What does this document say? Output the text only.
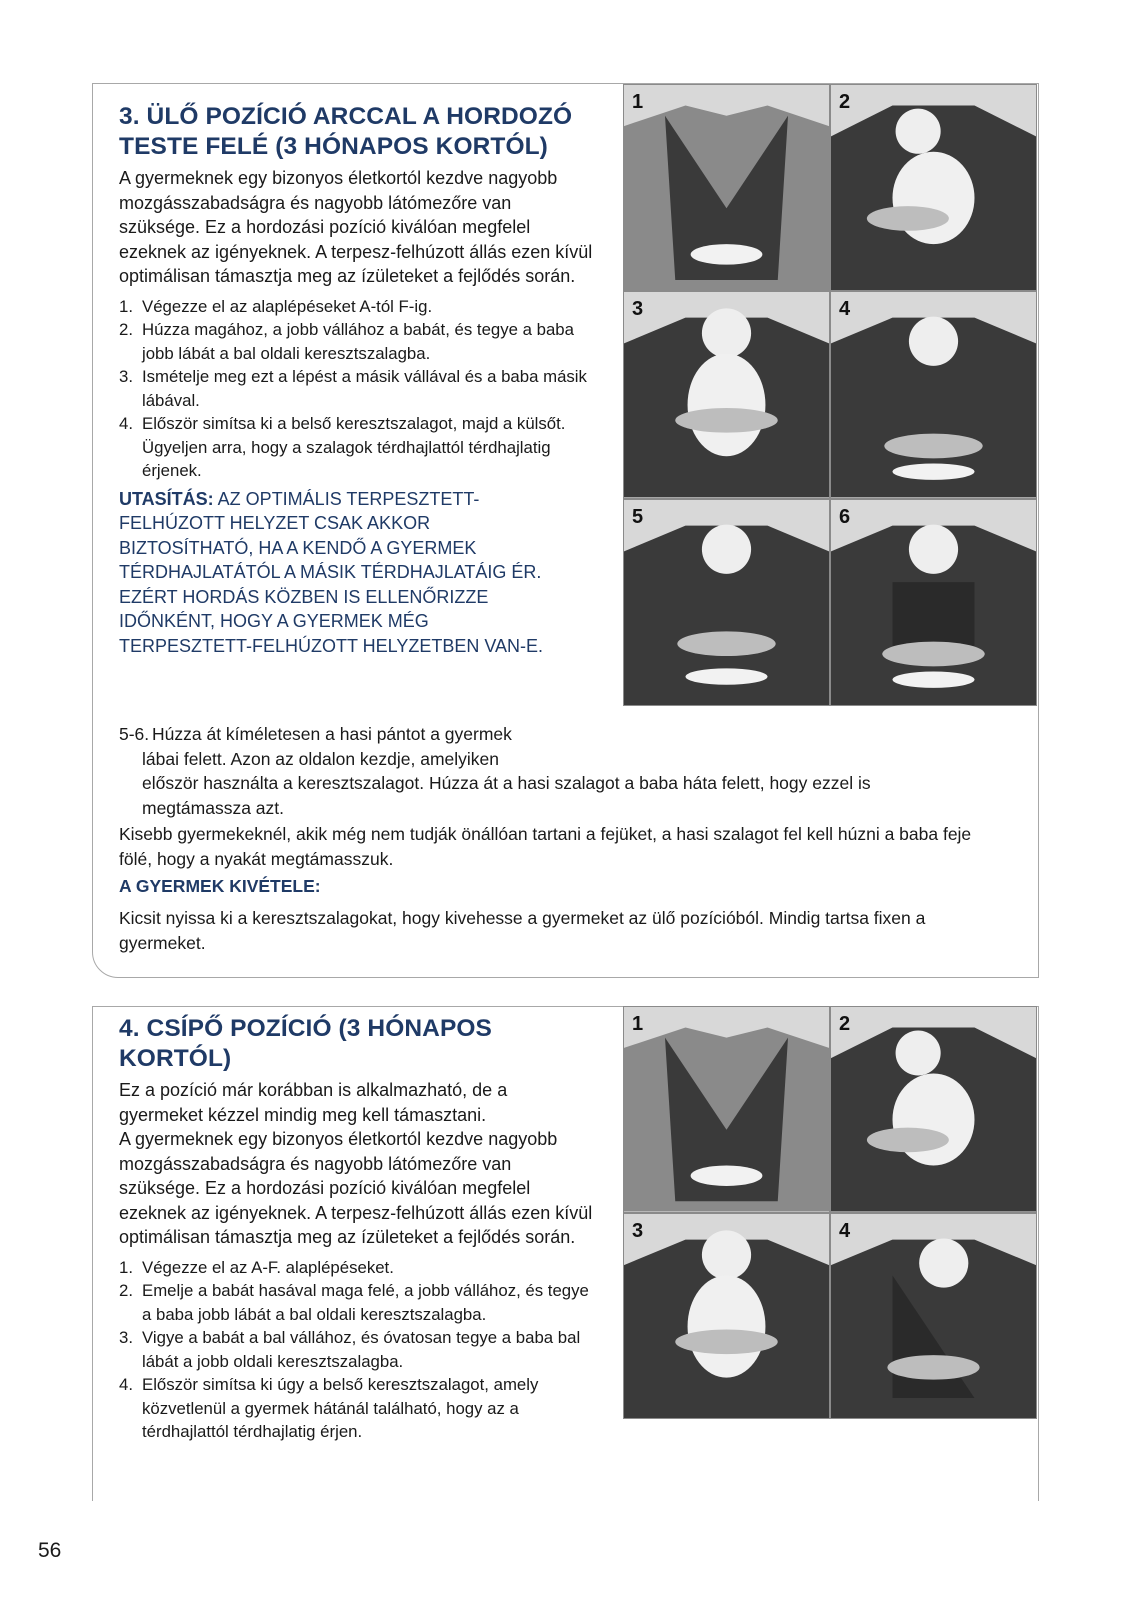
3. ÜLŐ POZÍCIÓ ARCCAL A HORDOZÓ
TESTE FELÉ (3 HÓNAPOS KORTÓL)

A gyermeknek egy bizonyos életkortól kezdve nagyobb mozgásszabadságra és nagyobb látómezőre van szüksége. Ez a hordozási pozíció kiválóan megfelel ezeknek az igényeknek. A terpesz-felhúzott állás ezen kívül optimálisan támasztja meg az ízületeket a fejlődés során.

1. Végezze el az alaplépéseket A-tól F-ig.
2. Húzza magához, a jobb vállához a babát, és tegye a baba jobb lábát a bal oldali keresztszalagba.
3. Ismételje meg ezt a lépést a másik vállával és a baba másik lábával.
4. Először simítsa ki a belső keresztszalagot, majd a külsőt. Ügyeljen arra, hogy a szalagok térdhajlattól térdhajlatig érjenek.

UTASÍTÁS: AZ OPTIMÁLIS TERPESZTETT-FELHÚZOTT HELYZET CSAK AKKOR BIZTOSÍTHATÓ, HA A KENDŐ A GYERMEK TÉRDHAJLATÁTÓL A MÁSIK TÉRDHAJLATÁIG ÉR. EZÉRT HORDÁS KÖZBEN IS ELLENŐRIZZE IDŐNKÉNT, HOGY A GYERMEK MÉG TERPESZTETT-FELHÚZOTT HELYZETBEN VAN-E.

5-6. Húzza át kíméletesen a hasi pántot a gyermek
lábai felett. Azon az oldalon kezdje, amelyiken
először használta a keresztszalagot. Húzza át a hasi szalagot a baba háta felett, hogy ezzel is
megtámassza azt.

Kisebb gyermekeknél, akik még nem tudják önállóan tartani a fejüket, a hasi szalagot fel kell húzni a baba feje fölé, hogy a nyakát megtámasszuk.

A GYERMEK KIVÉTELE:

Kicsit nyissa ki a keresztszalagokat, hogy kivehesse a gyermeket az ülő pozícióból. Mindig tartsa fixen a gyermeket.

1	2
3	4
5	6
4. CSÍPŐ POZÍCIÓ (3 HÓNAPOS
KORTÓL)

Ez a pozíció már korábban is alkalmazható, de a gyermeket kézzel mindig meg kell támasztani.

A gyermeknek egy bizonyos életkortól kezdve nagyobb mozgásszabadságra és nagyobb látómezőre van szüksége. Ez a hordozási pozíció kiválóan megfelel ezeknek az igényeknek. A terpesz-felhúzott állás ezen kívül optimálisan támasztja meg az ízületeket a fejlődés során.

1. Végezze el az A-F. alaplépéseket.
2. Emelje a babát hasával maga felé, a jobb vállához, és tegye a baba jobb lábát a bal oldali keresztszalagba.
3. Vigye a babát a bal vállához, és óvatosan tegye a baba bal lábát a jobb oldali keresztszalagba.
4. Először simítsa ki úgy a belső keresztszalagot, amely közvetlenül a gyermek hátánál található, hogy az a térdhajlattól térdhajlatig érjen.
1	2
3	4
56
